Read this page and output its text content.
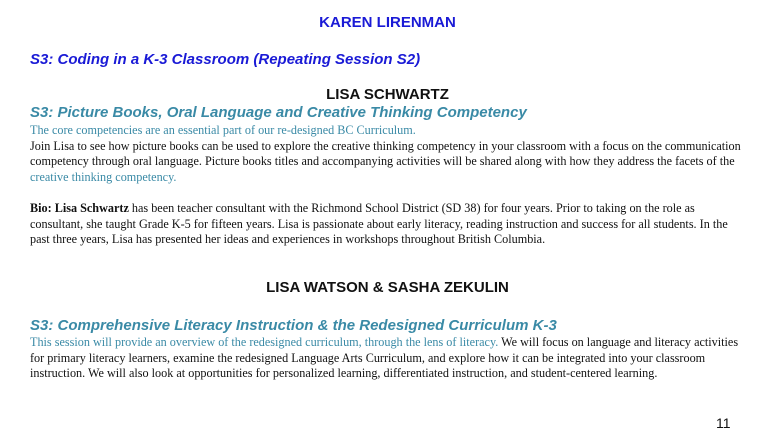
KAREN LIRENMAN
S3: Coding in a K-3 Classroom (Repeating Session S2)
LISA SCHWARTZ
S3: Picture Books, Oral Language and Creative Thinking Competency
The core competencies are an essential part of our re-designed BC Curriculum.
Join Lisa to see how picture books can be used to explore the creative thinking competency in your classroom with a focus on the communication competency through oral language. Picture books titles and accompanying activities will be shared along with how they address the facets of the creative thinking competency.
Bio: Lisa Schwartz has been teacher consultant with the Richmond School District (SD 38) for four years. Prior to taking on the role as consultant, she taught Grade K-5 for fifteen years. Lisa is passionate about early literacy, reading instruction and success for all students. In the past three years, Lisa has presented her ideas and experiences in workshops throughout British Columbia.
LISA WATSON & SASHA ZEKULIN
S3: Comprehensive Literacy Instruction & the Redesigned Curriculum K-3
This session will provide an overview of the redesigned curriculum, through the lens of literacy. We will focus on language and literacy activities for primary literacy learners, examine the redesigned Language Arts Curriculum, and explore how it can be integrated into your classroom instruction. We will also look at opportunities for personalized learning, differentiated instruction, and student-centered learning.
11
